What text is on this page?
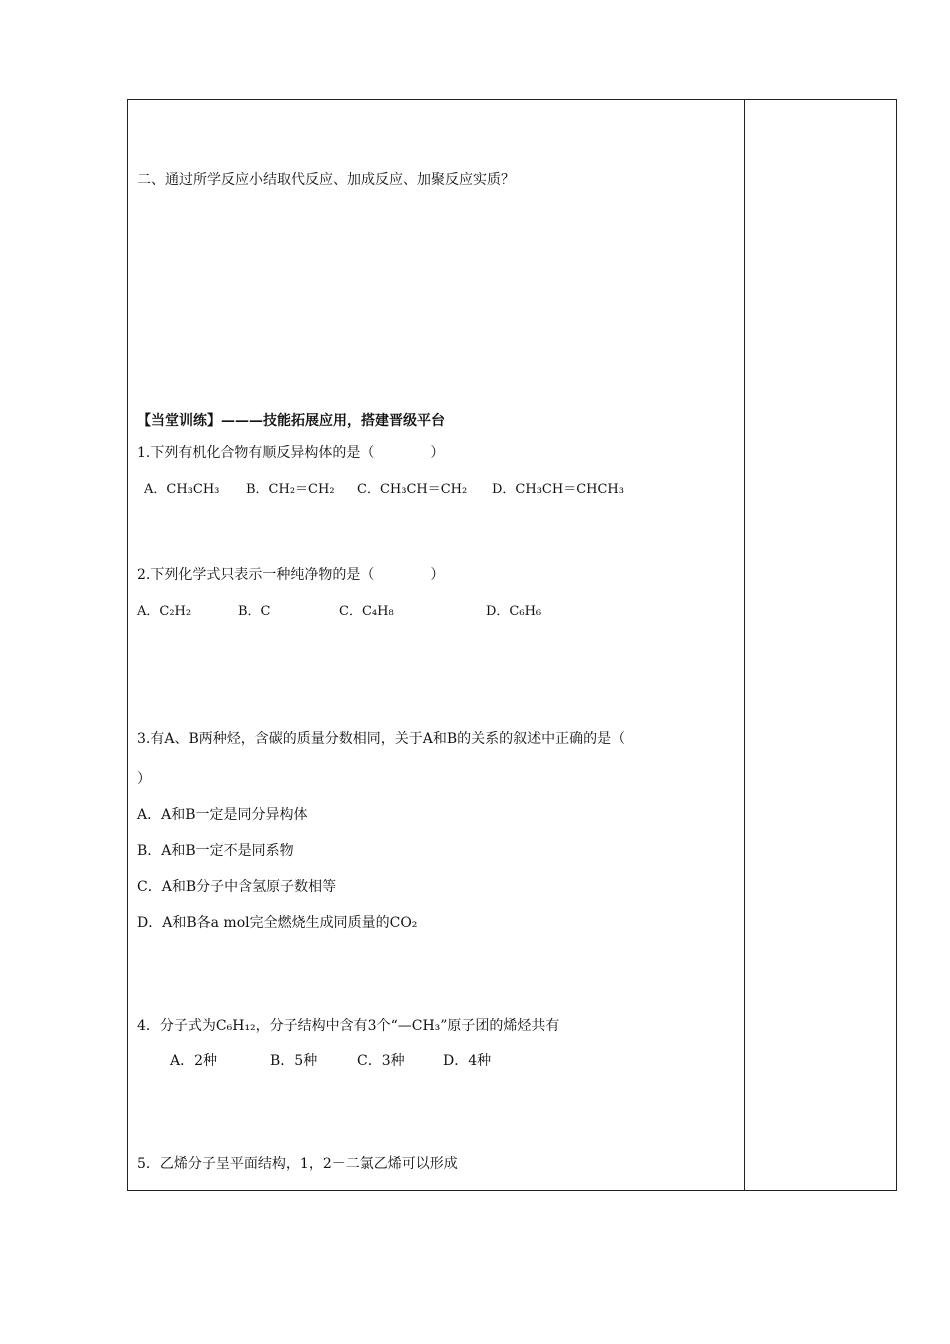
二、通过所学反应小结取代反应、加成反应、加聚反应实质？
【当堂训练】———技能拓展应用，搭建晋级平台
1.下列有机化合物有顺反异构体的是（　　　　）
A．CH₃CH₃ B．CH₂＝CH₂ C．CH₃CH＝CH₂ D．CH₃CH＝CHCH₃
2.下列化学式只表示一种纯净物的是（　　　　）
A．C₂H₂	B．C	C．C₄H₈	D．C₆H₆
3.有A、B两种烃，含碳的质量分数相同，关于A和B的关系的叙述中正确的是（
）
A．A和B一定是同分异构体
B．A和B一定不是同系物
C．A和B分子中含氢原子数相等
D．A和B各a mol完全燃烧生成同质量的CO₂
4．分子式为C₆H₁₂，分子结构中含有3个“—CH₃”原子团的烯烃共有
A．2种	B．5种	C．3种	D．4种
5．乙烯分子呈平面结构，1，2－二氯乙烯可以形成
